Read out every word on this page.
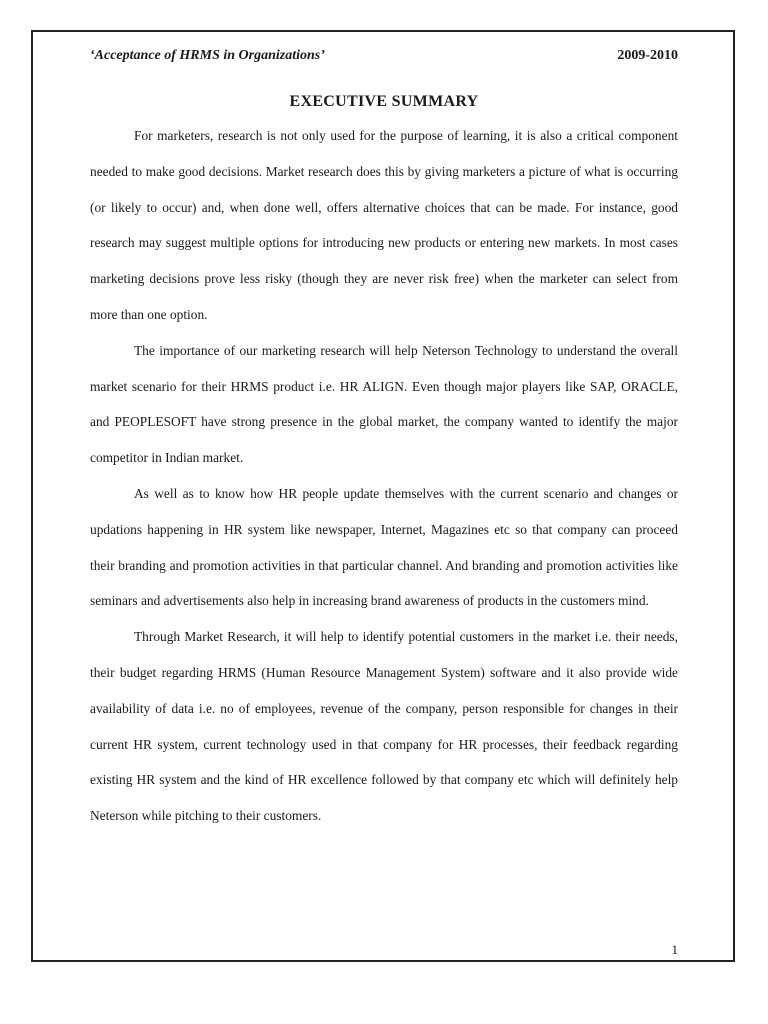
‘Acceptance of HRMS in Organizations’	2009-2010
EXECUTIVE SUMMARY

For marketers, research is not only used for the purpose of learning, it is also a critical component needed to make good decisions. Market research does this by giving marketers a picture of what is occurring (or likely to occur) and, when done well, offers alternative choices that can be made. For instance, good research may suggest multiple options for introducing new products or entering new markets. In most cases marketing decisions prove less risky (though they are never risk free) when the marketer can select from more than one option.

The importance of our marketing research will help Neterson Technology to understand the overall market scenario for their HRMS product i.e. HR ALIGN. Even though major players like SAP, ORACLE, and PEOPLESOFT have strong presence in the global market, the company wanted to identify the major competitor in Indian market.

As well as to know how HR people update themselves with the current scenario and changes or updations happening in HR system like newspaper, Internet, Magazines etc so that company can proceed their branding and promotion activities in that particular channel. And branding and promotion activities like seminars and advertisements also help in increasing brand awareness of products in the customers mind.

Through Market Research, it will help to identify potential customers in the market i.e. their needs, their budget regarding HRMS (Human Resource Management System) software and it also provide wide availability of data i.e. no of employees, revenue of the company, person responsible for changes in their current HR system, current technology used in that company for HR processes, their feedback regarding existing HR system and the kind of HR excellence followed by that company etc which will definitely help Neterson while pitching to their customers.

1
